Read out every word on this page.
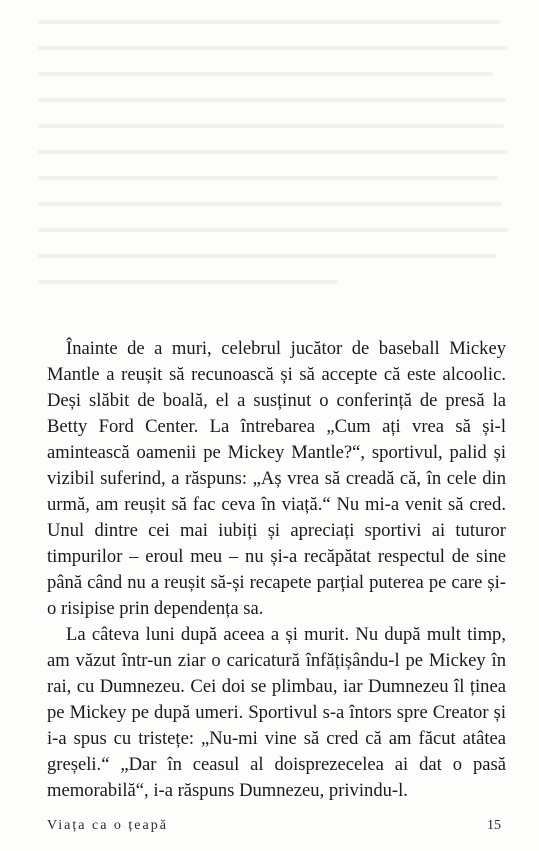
Înainte de a muri, celebrul jucător de baseball Mickey Mantle a reușit să recunoască și să accepte că este alcoolic. Deși slăbit de boală, el a susținut o conferință de presă la Betty Ford Center. La întrebarea „Cum ați vrea să și-l amintească oamenii pe Mickey Mantle?“, sportivul, palid și vizibil suferind, a răspuns: „Aș vrea să creadă că, în cele din urmă, am reușit să fac ceva în viață.“ Nu mi-a venit să cred. Unul dintre cei mai iubiți și apreciați sportivi ai tuturor timpurilor – eroul meu – nu și-a recăpătat respectul de sine până când nu a reușit să-și recapete parțial puterea pe care și-o risipise prin dependența sa.

La câteva luni după aceea a și murit. Nu după mult timp, am văzut într-un ziar o caricatură înfățișându-l pe Mickey în rai, cu Dumnezeu. Cei doi se plimbau, iar Dumnezeu îl ținea pe Mickey pe după umeri. Sportivul s-a întors spre Creator și i-a spus cu tristețe: „Nu-mi vine să cred că am făcut atâtea greșeli.“ „Dar în ceasul al doisprezecelea ai dat o pasă memorabilă“, i-a răspuns Dumnezeu, privindu-l.

Viața ca o țeapă	15
